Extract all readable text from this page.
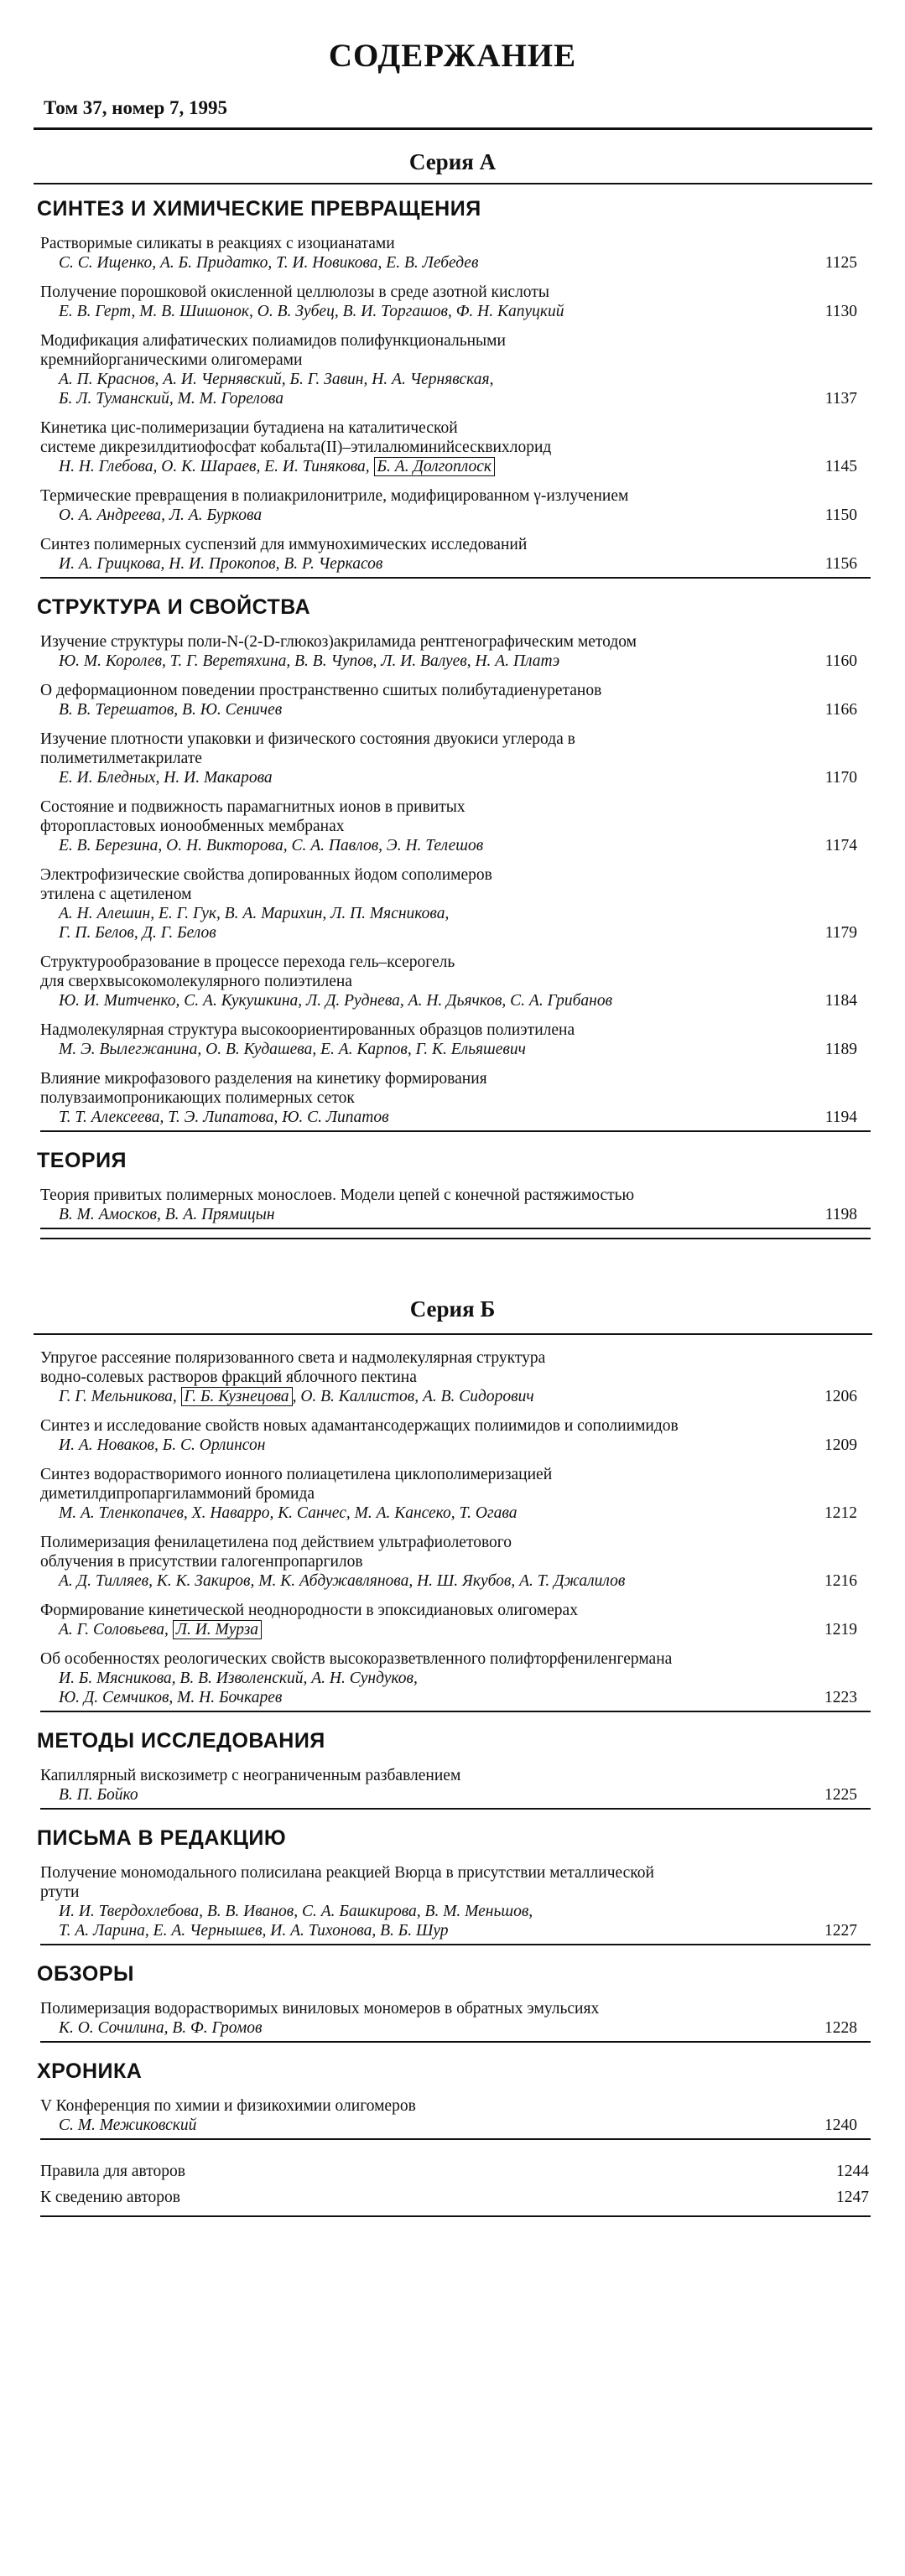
СОДЕРЖАНИЕ
Том 37, номер 7, 1995
Серия А
СИНТЕЗ И ХИМИЧЕСКИЕ ПРЕВРАЩЕНИЯ
Растворимые силикаты в реакциях с изоцианатами
С. С. Ищенко, А. Б. Придатко, Т. И. Новикова, Е. В. Лебедев	1125
Получение порошковой окисленной целлюлозы в среде азотной кислоты
Е. В. Герт, М. В. Шишонок, О. В. Зубец, В. И. Торгашов, Ф. Н. Капуцкий	1130
Модификация алифатических полиамидов полифункциональными
кремнийорганическими олигомерами
А. П. Краснов, А. И. Чернявский, Б. Г. Завин, Н. А. Чернявская,
Б. Л. Туманский, М. М. Горелова	1137
Кинетика цис-полимеризации бутадиена на каталитической
системе дикрезилдитиофосфат кобальта(II)–этилалюминийсесквихлорид
Н. Н. Глебова, О. К. Шараев, Е. И. Тинякова, Б. А. Долгоплоск	1145
Термические превращения в полиакрилонитриле, модифицированном γ-излучением
О. А. Андреева, Л. А. Буркова	1150
Синтез полимерных суспензий для иммунохимических исследований
И. А. Грицкова, Н. И. Прокопов, В. Р. Черкасов	1156
СТРУКТУРА И СВОЙСТВА
Изучение структуры поли-N-(2-D-глюкоз)акриламида рентгенографическим методом
Ю. М. Королев, Т. Г. Веретяхина, В. В. Чупов, Л. И. Валуев, Н. А. Платэ	1160
О деформационном поведении пространственно сшитых полибутадиенуретанов
В. В. Терешатов, В. Ю. Сеничев	1166
Изучение плотности упаковки и физического состояния двуокиси углерода в
полиметилметакрилате
Е. И. Бледных, Н. И. Макарова	1170
Состояние и подвижность парамагнитных ионов в привитых
фторопластовых ионообменных мембранах
Е. В. Березина, О. Н. Викторова, С. А. Павлов, Э. Н. Телешов	1174
Электрофизические свойства допированных йодом сополимеров
этилена с ацетиленом
А. Н. Алешин, Е. Г. Гук, В. А. Марихин, Л. П. Мясникова,
Г. П. Белов, Д. Г. Белов	1179
Структурообразование в процессе перехода гель–ксерогель
для сверхвысокомолекулярного полиэтилена
Ю. И. Митченко, С. А. Кукушкина, Л. Д. Руднева, А. Н. Дьячков, С. А. Грибанов	1184
Надмолекулярная структура высокоориентированных образцов полиэтилена
М. Э. Вылегжанина, О. В. Кудашева, Е. А. Карпов, Г. К. Ельяшевич	1189
Влияние микрофазового разделения на кинетику формирования
полувзаимопроникающих полимерных сеток
Т. Т. Алексеева, Т. Э. Липатова, Ю. С. Липатов	1194
ТЕОРИЯ
Теория привитых полимерных монослоев. Модели цепей с конечной растяжимостью
В. М. Амосков, В. А. Прямицын	1198
Серия Б
Упругое рассеяние поляризованного света и надмолекулярная структура
водно-солевых растворов фракций яблочного пектина
Г. Г. Мельникова, Г. Б. Кузнецова , О. В. Каллистов, А. В. Сидорович	1206
Синтез и исследование свойств новых адамантансодержащих полиимидов и сополиимидов
И. А. Новаков, Б. С. Орлинсон	1209
Синтез водорастворимого ионного полиацетилена циклополимеризацией
диметилдипропаргиламмоний бромида
М. А. Тленкопачев, Х. Наварро, К. Санчес, М. А. Кансеко, Т. Огава	1212
Полимеризация фенилацетилена под действием ультрафиолетового
облучения в присутствии галогенпропаргилов
А. Д. Тилляев, К. К. Закиров, М. К. Абдужавлянова, Н. Ш. Якубов, А. Т. Джалилов	1216
Формирование кинетической неоднородности в эпоксидиановых олигомерах
А. Г. Соловьева, Л. И. Мурза	1219
Об особенностях реологических свойств высокоразветвленного полифторфениленгермана
И. Б. Мясникова, В. В. Изволенский, А. Н. Сундуков,
Ю. Д. Семчиков, М. Н. Бочкарев	1223
МЕТОДЫ ИССЛЕДОВАНИЯ
Капиллярный вискозиметр с неограниченным разбавлением
В. П. Бойко	1225
ПИСЬМА В РЕДАКЦИЮ
Получение мономодального полисилана реакцией Вюрца в присутствии металлической
ртути
И. И. Твердохлебова, В. В. Иванов, С. А. Башкирова, В. М. Меньшов,
Т. А. Ларина, Е. А. Чернышев, И. А. Тихонова, В. Б. Шур	1227
ОБЗОРЫ
Полимеризация водорастворимых виниловых мономеров в обратных эмульсиях
К. О. Сочилина, В. Ф. Громов	1228
ХРОНИКА
V Конференция по химии и физикохимии олигомеров
С. М. Межиковский	1240
Правила для авторов	1244
К сведению авторов	1247
